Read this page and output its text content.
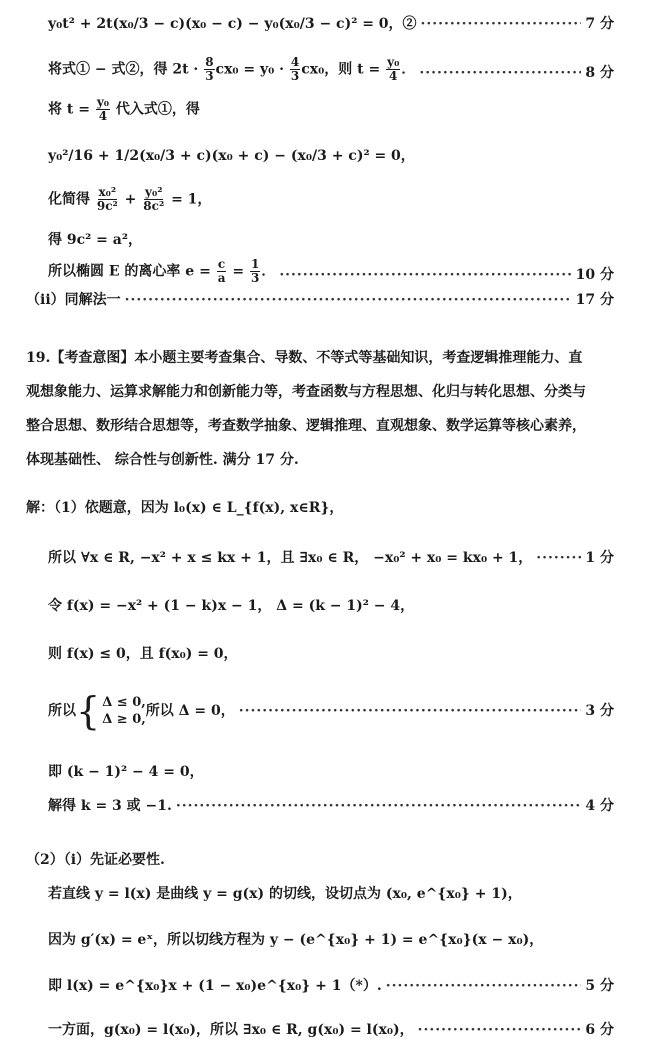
y₀t² + 2t(x₀/3 − c)(x₀ − c) − y₀(x₀/3 − c)² = 0，② ·····	7 分
将式① − 式②，得 $2t \cdot \frac{8}{3} cx_0 = y_0 \cdot \frac{4}{3} cx_0$，则 $t = \frac{\text{y₀}}{4}$ ． ·····	8 分
将 $t = \frac{\text{y₀}}{4}$ 代入式①，得
y₀²/16 + 1/2(x₀/3 + c)(x₀ + c) − (x₀/3 + c)² = 0，
化简得 $\frac{\text{x₀²}}{\text{9c²}} + \frac{\text{y₀²}}{\text{8c²}} = 1$，
得 9c² = a²，
所以椭圆 E 的离心率 $e = \frac{c}{a} = \frac{1}{3}$ ． ·····	10 分
（ii）同解法一 ·····	17 分
19.【考查意图】本小题主要考查集合、导数、不等式等基础知识，考查逻辑推理能力、直
观想象能力、运算求解能力和创新能力等，考查函数与方程思想、化归与转化思想、分类与
整合思想、数形结合思想等，考查数学抽象、逻辑推理、直观想象、数学运算等核心素养，
体现基础性、 综合性与创新性. 满分 17 分.
解：（1）依题意，因为 l₀(x) ∈ L_{f(x), x∈R}，
所以 ∀x ∈ R, −x² + x ≤ kx + 1，且 ∃x₀ ∈ R， −x₀² + x₀ = kx₀ + 1， ·····	1 分
令 f(x) = −x² + (1 − k)x − 1， Δ = (k − 1)² − 4，
则 f(x) ≤ 0，且 f(x₀) = 0，
所以 { Δ ≤ 0,
Δ ≥ 0,
所以 Δ = 0， ·····	3 分
即 (k − 1)² − 4 = 0，
解得 k = 3 或 −1. ·····	4 分
（2）（i）先证必要性.
若直线 y = l(x) 是曲线 y = g(x) 的切线，设切点为 (x₀, e^{x₀} + 1)，
因为 g′(x) = eˣ，所以切线方程为 y − (e^{x₀} + 1) = e^{x₀}(x − x₀)，
即 l(x) = e^{x₀}x + (1 − x₀)e^{x₀} + 1（*）. ·····	5 分
一方面，g(x₀) = l(x₀)，所以 ∃x₀ ∈ R, g(x₀) = l(x₀)， ·····	6 分
